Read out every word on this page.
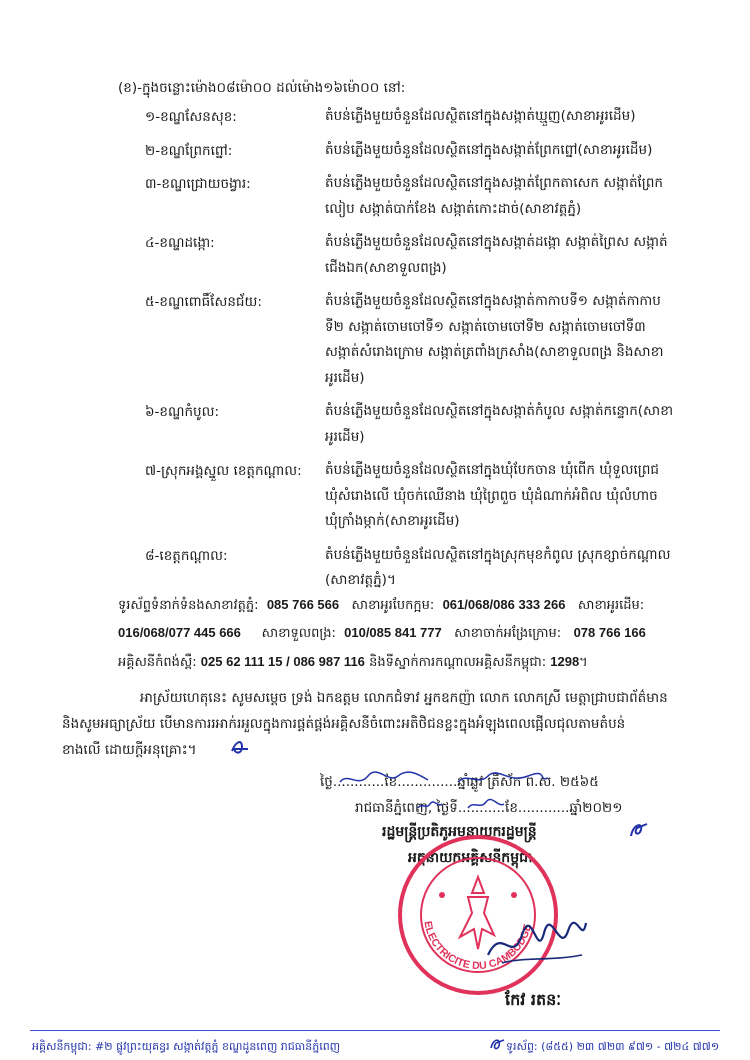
(ខ)-ក្នុងចន្លោះម៉ោង០៨ម៉ោ០០ ដល់ម៉ោង១៦ម៉ោ០០ នៅ:
១-ខណ្ឌសែនសុខ:	តំបន់ភ្លើងមួយចំនួនដែលស្ថិតនៅក្នុងសង្កាត់ឃ្មួញ(សាខាអូរដើម)
២-ខណ្ឌព្រែកព្នៅ:	តំបន់ភ្លើងមួយចំនួនដែលស្ថិតនៅក្នុងសង្កាត់ព្រែកព្នៅ(សាខាអូរដើម)
៣-ខណ្ឌជ្រោយចង្វារ:	តំបន់ភ្លើងមួយចំនួនដែលស្ថិតនៅក្នុងសង្កាត់ព្រែកតាសេក សង្កាត់ព្រែក
លៀប សង្កាត់បាក់ខែង សង្កាត់កោះដាច់(សាខាវត្តភ្នំ)
៤-ខណ្ឌដង្កោ:	តំបន់ភ្លើងមួយចំនួនដែលស្ថិតនៅក្នុងសង្កាត់ដង្កោ សង្កាត់ព្រៃស សង្កាត់
ជើងឯក(សាខាទួលពង្រ)
៥-ខណ្ឌពោធិ៍សែនជ័យ:	តំបន់ភ្លើងមួយចំនួនដែលស្ថិតនៅក្នុងសង្កាត់កាកាបទី១ សង្កាត់កាកាប
ទី២ សង្កាត់ចោមចៅទី១ សង្កាត់ចោមចៅទី២ សង្កាត់ចោមចៅទី៣
សង្កាត់សំរោងក្រោម សង្កាត់ត្រពាំងក្រសាំង(សាខាទួលពង្រ និងសាខា
អូរដើម)
៦-ខណ្ឌកំបូល:	តំបន់ភ្លើងមួយចំនួនដែលស្ថិតនៅក្នុងសង្កាត់កំបូល សង្កាត់កន្ទោក(សាខា
អូរដើម)
៧-ស្រុកអង្គស្នួល ខេត្តកណ្ដាល: តំបន់ភ្លើងមួយចំនួនដែលស្ថិតនៅក្នុងឃុំបែកចាន ឃុំពើក ឃុំទួលព្រេជ
ឃុំសំរោងលើ ឃុំចក់ឈើនាង ឃុំព្រៃពួច ឃុំដំណាក់អំពិល ឃុំលំហាច
ឃុំក្រាំងម្កាក់(សាខាអូរដើម)
៨-ខេត្តកណ្ដាល:	តំបន់ភ្លើងមួយចំនួនដែលស្ថិតនៅក្នុងស្រុកមុខកំពូល ស្រុកខ្សាច់កណ្ដាល
(សាខាវត្តភ្នំ)។
ទូរស័ព្ទទំនាក់ទំនងសាខាវត្តភ្នំ: 085 766 566 សាខាអូរបែកក្អម: 061/068/086 333 266 សាខាអូរដើម:
016/068/077 445 666 សាខាទួលពង្រ: 010/085 841 777 សាខាចាក់អង្រែក្រោម: 078 766 166
អគ្គិសនីកំពង់ស្ពឺ: 025 62 111 15 / 086 987 116 និងទីស្នាក់ការកណ្ដាលអគ្គិសនីកម្ពុជា: 1298។
អាស្រ័យហេតុនេះ សូមសម្ដេច ទ្រង់ ឯកឧត្ដម លោកជំទាវ អ្នកឧកញ៉ា លោក លោកស្រី មេត្តាជ្រាបជាព័ត៌មាន
និងសូមអធ្យាស្រ័យ បើមានការរអាក់រអួលក្នុងការផ្គត់ផ្គង់អគ្គិសនីចំពោះអតិថិជនខ្លះក្នុងអំឡុងពេលផ្អើលជុលតាមតំបន់
ខាងលើ ដោយក្ដីអនុគ្រោះ។
ថ្ងៃ............ខែ..............ឆ្នាំឆ្លូវ ត្រីស័ក ព.ស. ២៥៦៥
រាជធានីភ្នំពេញ, ថ្ងៃទី...........ខែ............ឆ្នាំ២០២១
រដ្ឋមន្ត្រីប្រតិភូអមនាយករដ្ឋមន្ត្រី
អគ្គនាយកអគ្គិសនីកម្ពុជា
ELECTRICITE DU CAMBODGE
កែវ រតនៈ
អគ្គិសនីកម្ពុជា: #២ ផ្លូវព្រះយុគន្ធរ សង្កាត់វត្តភ្នំ ខណ្ឌដូនពេញ រាជធានីភ្នំពេញ	ទូរស័ព្ទ: (៨៥៥) ២៣ ៧២៣ ៩៧១ - ៧២៤ ៧៧១
